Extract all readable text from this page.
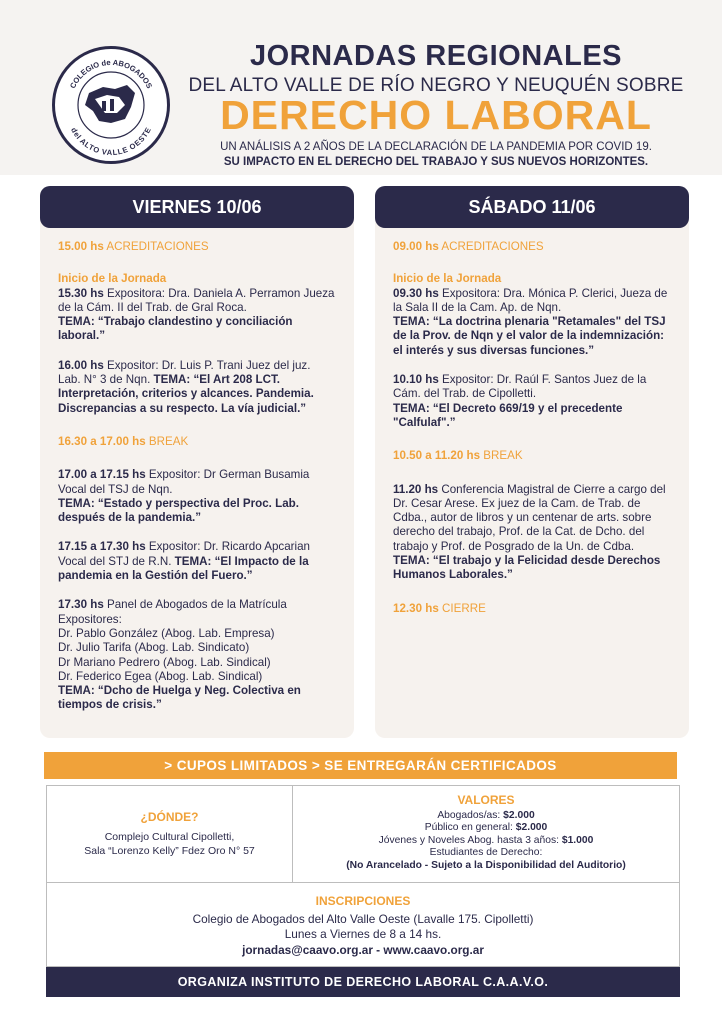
COLEGIO de ABOGADOS
del ALTO VALLE OESTE
JORNADAS REGIONALES
DEL ALTO VALLE DE RÍO NEGRO Y NEUQUÉN SOBRE
DERECHO LABORAL
UN ANÁLISIS A 2 AÑOS DE LA DECLARACIÓN DE LA PANDEMIA POR COVID 19.
SU IMPACTO EN EL DERECHO DEL TRABAJO Y SUS NUEVOS HORIZONTES.
VIERNES 10/06
15.00 hs ACREDITACIONES
Inicio de la Jornada
15.30 hs Expositora: Dra. Daniela A. Perramon Jueza de la Cám. II del Trab. de Gral Roca.
TEMA: “Trabajo clandestino y conciliación laboral.”
16.00 hs Expositor: Dr. Luis P. Trani Juez del juz. Lab. N° 3 de Nqn. TEMA: “El Art 208 LCT. Interpretación, criterios y alcances. Pandemia. Discrepancias a su respecto. La vía judicial.”
16.30 a 17.00 hs BREAK
17.00 a 17.15 hs Expositor: Dr German Busamia Vocal del TSJ de Nqn.
TEMA: “Estado y perspectiva del Proc. Lab. después de la pandemia.”
17.15 a 17.30 hs Expositor: Dr. Ricardo Apcarian Vocal del STJ de R.N. TEMA: “El Impacto de la pandemia en la Gestión del Fuero.”
17.30 hs Panel de Abogados de la Matrícula
Expositores:
Dr. Pablo González (Abog. Lab. Empresa)
Dr. Julio Tarifa (Abog. Lab. Sindicato)
Dr Mariano Pedrero (Abog. Lab. Sindical)
Dr. Federico Egea (Abog. Lab. Sindical)
TEMA: “Dcho de Huelga y Neg. Colectiva en tiempos de crisis.”
SÁBADO 11/06
09.00 hs ACREDITACIONES
Inicio de la Jornada
09.30 hs Expositora: Dra. Mónica P. Clerici, Jueza de la Sala II de la Cam. Ap. de Nqn.
TEMA: “La doctrina plenaria "Retamales" del TSJ de la Prov. de Nqn y el valor de la indemnización: el interés y sus diversas funciones.”
10.10 hs Expositor: Dr. Raúl F. Santos Juez de la Cám. del Trab. de Cipolletti.
TEMA: “El Decreto 669/19 y el precedente "Calfulaf".”
10.50 a 11.20 hs BREAK
11.20 hs Conferencia Magistral de Cierre a cargo del Dr. Cesar Arese. Ex juez de la Cam. de Trab. de Cdba., autor de libros y un centenar de arts. sobre derecho del trabajo, Prof. de la Cat. de Dcho. del trabajo y Prof. de Posgrado de la Un. de Cdba.
TEMA: “El trabajo y la Felicidad desde Derechos Humanos Laborales.”
12.30 hs CIERRE
> CUPOS LIMITADOS > SE ENTREGARÁN CERTIFICADOS
¿DÓNDE?
Complejo Cultural Cipolletti,
Sala “Lorenzo Kelly” Fdez Oro N° 57
VALORES
Abogados/as: $2.000
Público en general: $2.000
Jóvenes y Noveles Abog. hasta 3 años: $1.000
Estudiantes de Derecho:
(No Arancelado - Sujeto a la Disponibilidad del Auditorio)
INSCRIPCIONES
Colegio de Abogados del Alto Valle Oeste (Lavalle 175. Cipolletti)
Lunes a Viernes de 8 a 14 hs.
jornadas@caavo.org.ar - www.caavo.org.ar
ORGANIZA INSTITUTO DE DERECHO LABORAL C.A.A.V.O.
